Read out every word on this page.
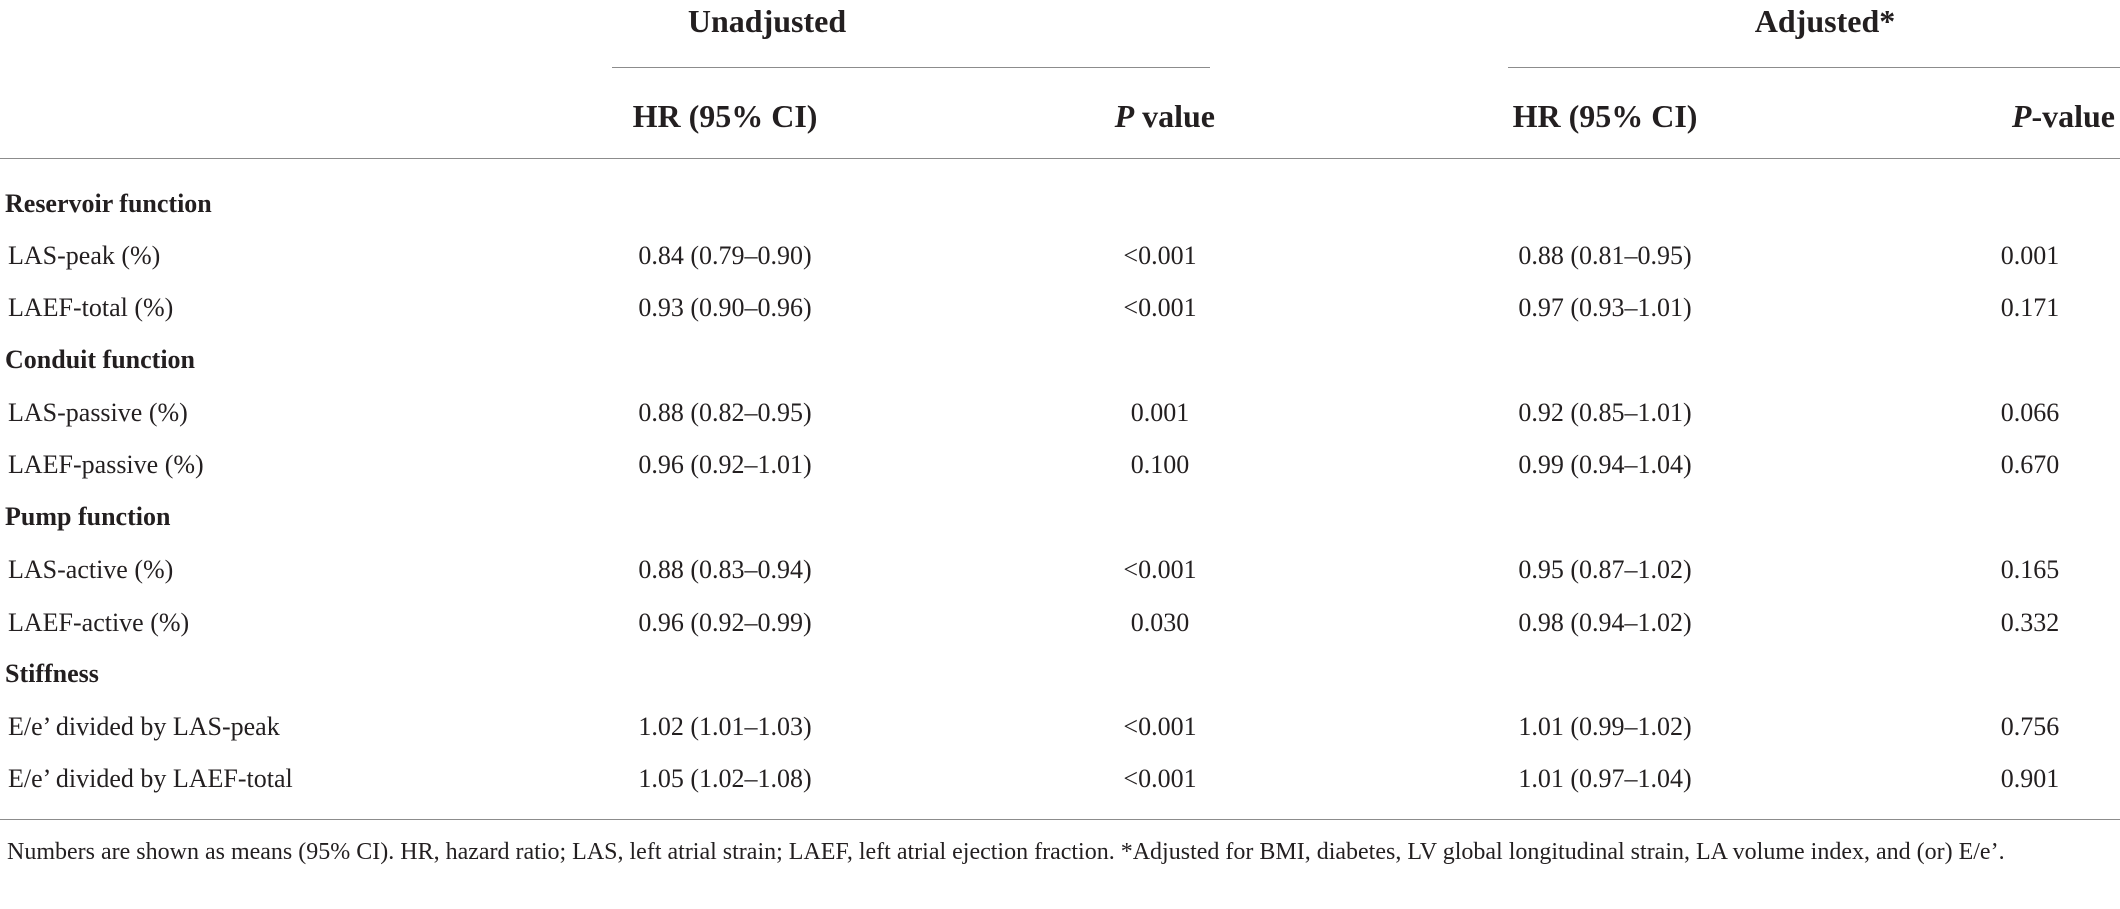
Unadjusted	Adjusted*
HR (95% CI)	P value	HR (95% CI)	P-value
Reservoir function
LAS-peak (%)	0.84 (0.79–0.90)	<0.001	0.88 (0.81–0.95)	0.001
LAEF-total (%)	0.93 (0.90–0.96)	<0.001	0.97 (0.93–1.01)	0.171
Conduit function
LAS-passive (%)	0.88 (0.82–0.95)	0.001	0.92 (0.85–1.01)	0.066
LAEF-passive (%)	0.96 (0.92–1.01)	0.100	0.99 (0.94–1.04)	0.670
Pump function
LAS-active (%)	0.88 (0.83–0.94)	<0.001	0.95 (0.87–1.02)	0.165
LAEF-active (%)	0.96 (0.92–0.99)	0.030	0.98 (0.94–1.02)	0.332
Stiffness
E/e’ divided by LAS-peak	1.02 (1.01–1.03)	<0.001	1.01 (0.99–1.02)	0.756
E/e’ divided by LAEF-total	1.05 (1.02–1.08)	<0.001	1.01 (0.97–1.04)	0.901
Numbers are shown as means (95% CI). HR, hazard ratio; LAS, left atrial strain; LAEF, left atrial ejection fraction. *Adjusted for BMI, diabetes, LV global longitudinal strain, LA volume index, and (or) E/e’.
